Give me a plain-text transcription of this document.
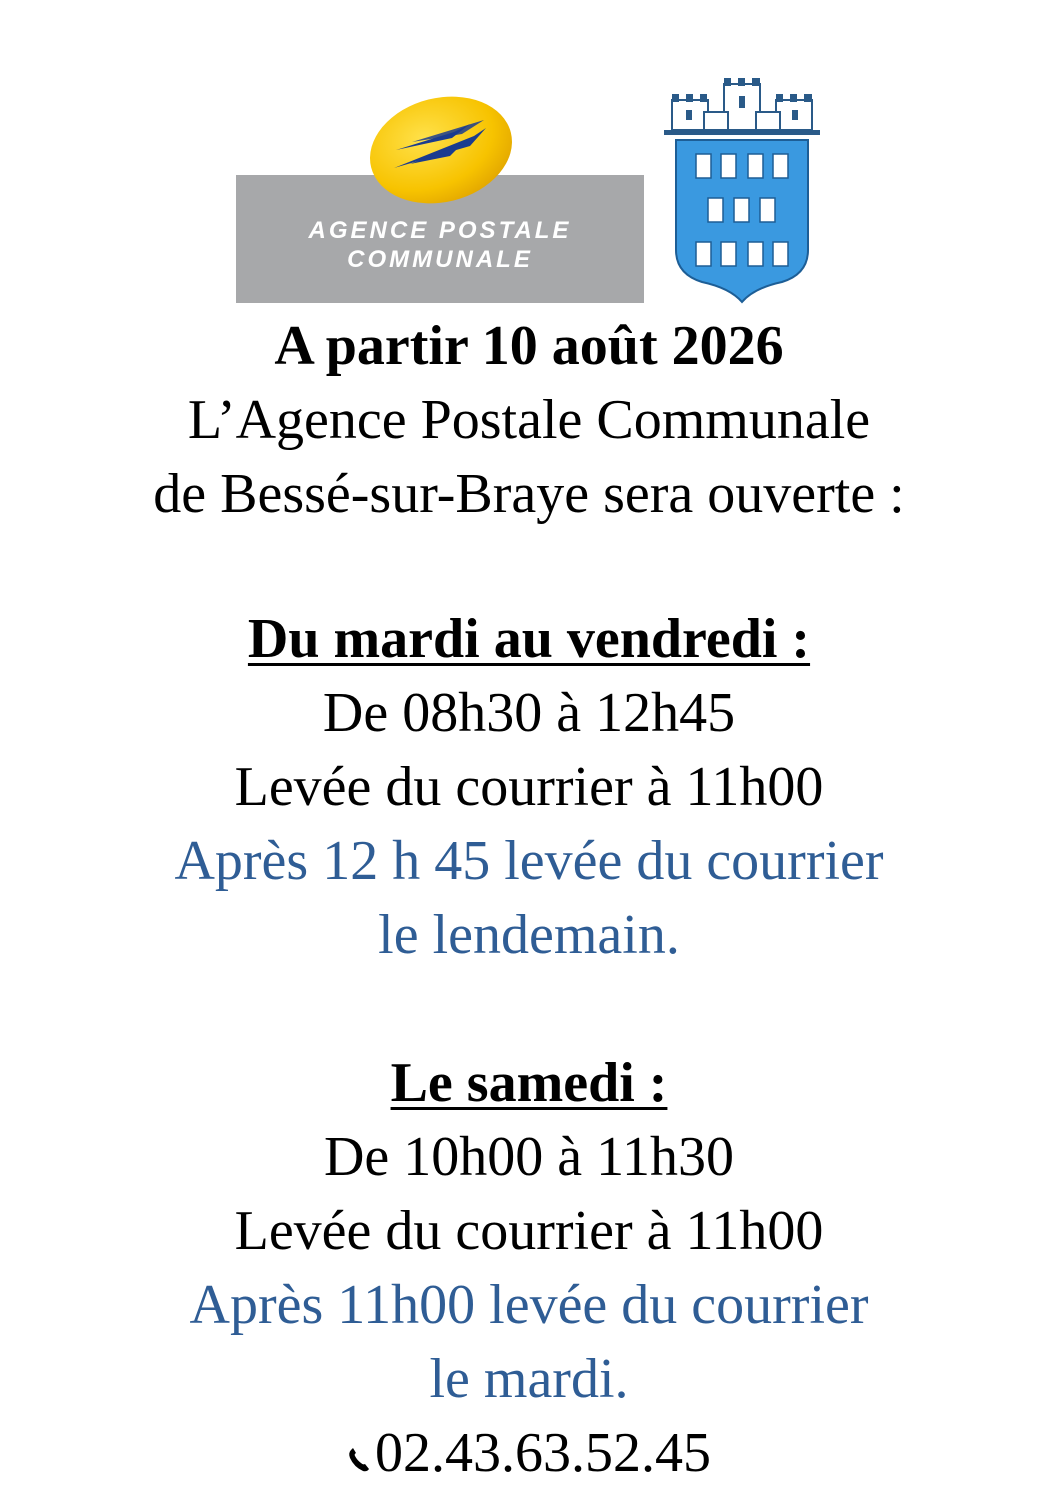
AGENCE POSTALE
COMMUNALE
A partir 10 août 2026
L’Agence Postale Communale
de Bessé-sur-Braye sera ouverte :
Du mardi au vendredi :
De 08h30 à 12h45
Levée du courrier à 11h00
Après 12 h 45 levée du courrier
le lendemain.
Le samedi :
De 10h00 à 11h30
Levée du courrier à 11h00
Après 11h00 levée du courrier
le mardi.
02.43.63.52.45
